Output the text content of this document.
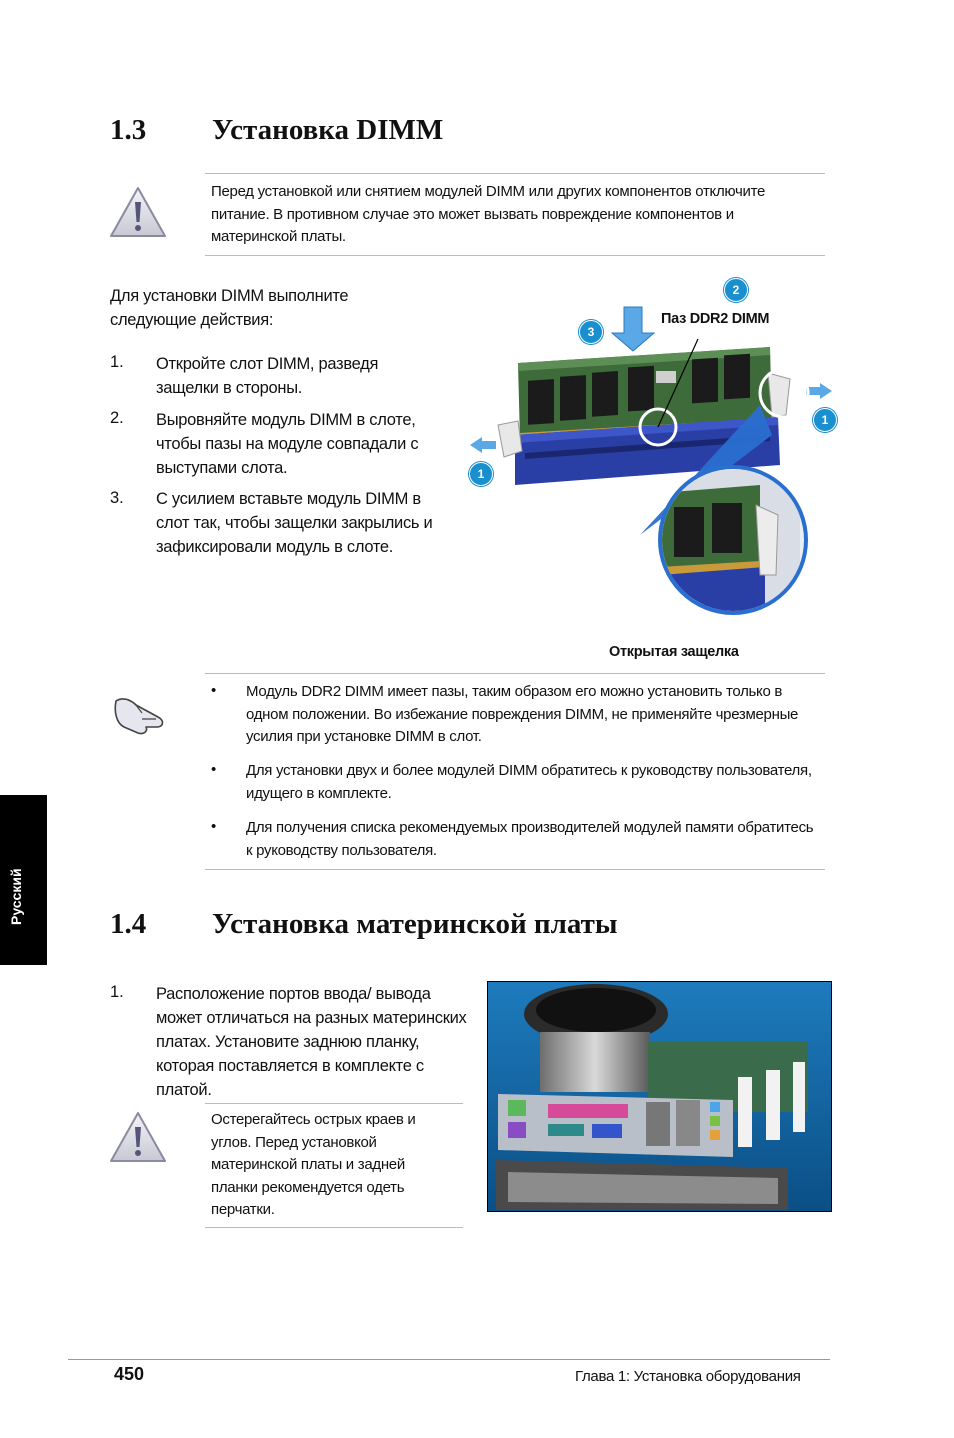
1.3 Установка DIMM
Перед установкой или снятием модулей DIMM или других компонентов отключите питание. В противном случае это может вызвать повреждение компонентов и материнской платы.
Для установки DIMM выполните следующие действия:
1. Откройте слот DIMM, разведя защелки в стороны.
2. Выровняйте модуль DIMM в слоте, чтобы пазы на модуле совпадали с выступами слота.
3. С усилием вставьте модуль DIMM в слот так, чтобы защелки закрылись и зафиксировали модуль в слоте.
2
3
1
1
Паз DDR2 DIMM
Открытая защелка
• Модуль DDR2 DIMM имеет пазы, таким образом его можно установить только в одном положении. Во избежание повреждения DIMM, не применяйте чрезмерные усилия при установке DIMM в слот.
• Для установки двух и более модулей DIMM обратитесь к руководству пользователя, идущего в комплекте.
• Для получения списка рекомендуемых производителей модулей памяти обратитесь к руководству пользователя.
Русский	1.4 Установка материнской платы
1. Расположение портов ввода/ вывода может отличаться на разных материнских платах. Установите заднюю планку, которая поставляется в комплекте с платой.
Остерегайтесь острых краев и углов. Перед установкой материнской платы и задней планки рекомендуется одеть перчатки.
450	Глава 1: Установка оборудования
